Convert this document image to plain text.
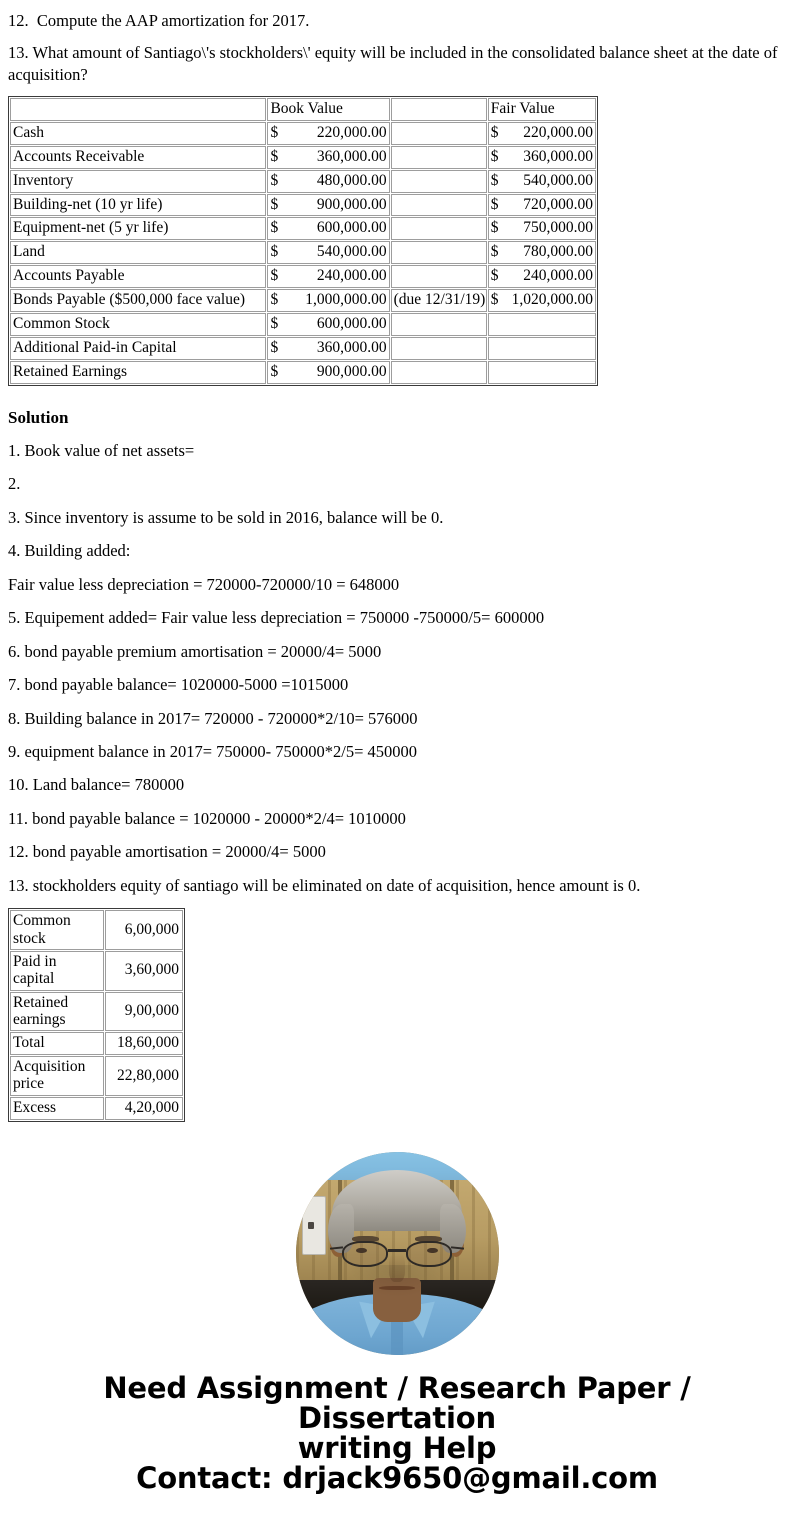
12.  Compute the AAP amortization for 2017.

13. What amount of Santiago\'s stockholders\' equity will be included in the consolidated balance sheet at the date of acquisition?

	Book Value		Fair Value
Cash	$ 220,000.00		$ 220,000.00

Accounts Receivable	$ 360,000.00		$ 360,000.00

Inventory	$ 480,000.00		$ 540,000.00

Building-net (10 yr life)	$ 900,000.00		$ 720,000.00

Equipment-net (5 yr life)	$ 600,000.00		$ 750,000.00

Land	$ 540,000.00		$ 780,000.00

Accounts Payable	$ 240,000.00		$ 240,000.00

Bonds Payable ($500,000 face value)	$ 1,000,000.00	(due 12/31/19)	$ 1,020,000.00

Common Stock	$ 600,000.00		

Additional Paid-in Capital	$ 360,000.00		

Retained Earnings	$ 900,000.00		

Solution

1. Book value of net assets=

2.

3. Since inventory is assume to be sold in 2016, balance will be 0.

4. Building added:

Fair value less depreciation = 720000-720000/10 = 648000

5. Equipement added= Fair value less depreciation = 750000 -750000/5= 600000

6. bond payable premium amortisation = 20000/4= 5000

7. bond payable balance= 1020000-5000 =1015000

8. Building balance in 2017= 720000 - 720000*2/10= 576000

9. equipment balance in 2017= 750000- 750000*2/5= 450000

10. Land balance= 780000

11. bond payable balance = 1020000 - 20000*2/4= 1010000

12. bond payable amortisation = 20000/4= 5000

13. stockholders equity of santiago will be eliminated on date of acquisition, hence amount is 0.

Common stock	6,00,000
Paid in capital	3,60,000
Retained earnings	9,00,000
Total	18,60,000
Acquisition price	22,80,000
Excess	4,20,000
Need Assignment / Research Paper / Dissertation
writing Help
Contact: drjack9650@gmail.com
